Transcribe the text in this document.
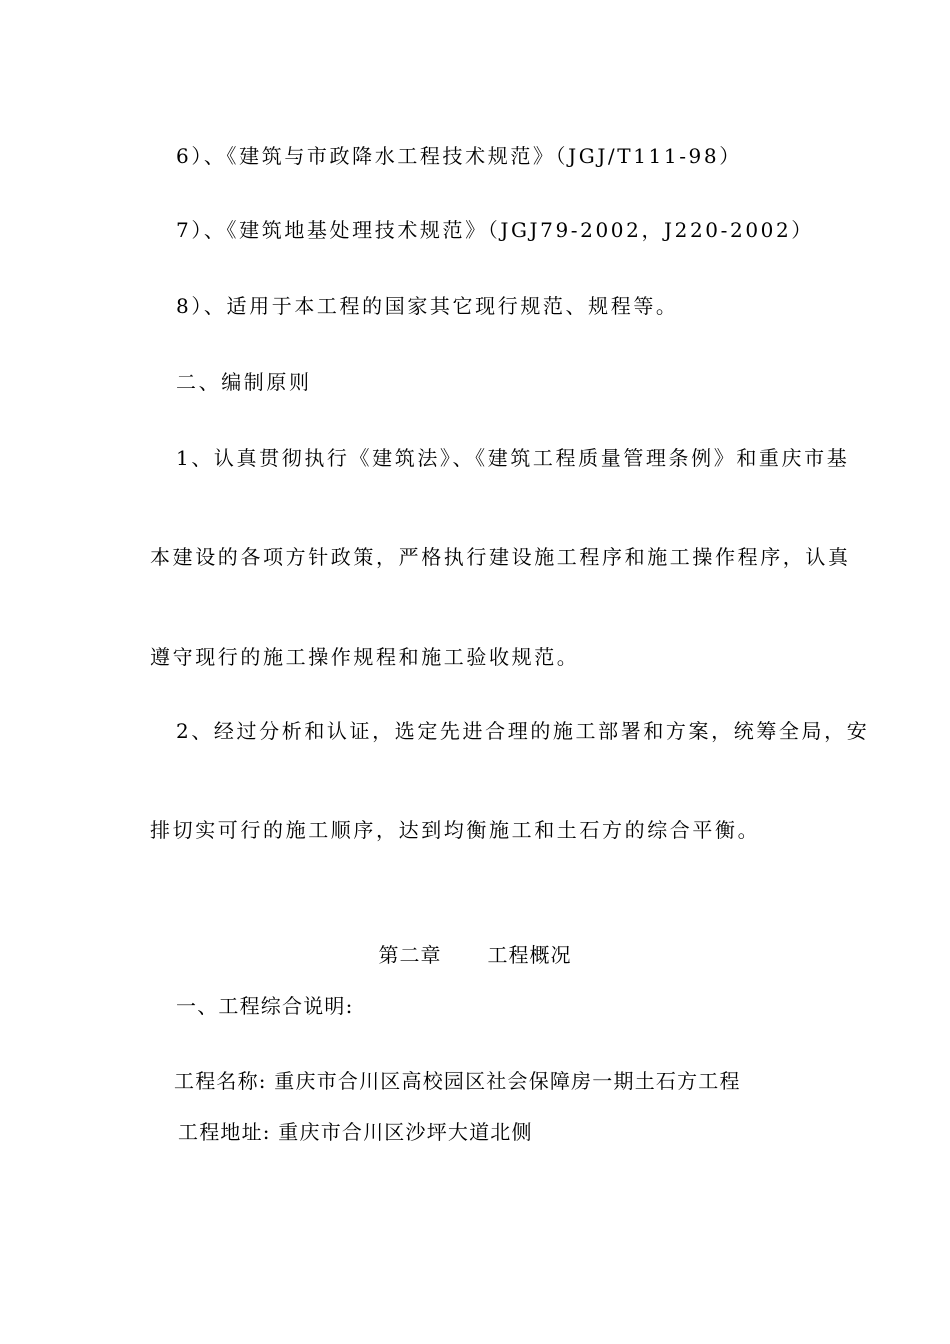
6）、《建筑与市政降水工程技术规范》（JGJ/T111-98）
7）、《建筑地基处理技术规范》（JGJ79-2002，J220-2002）
8）、适用于本工程的国家其它现行规范、规程等。
二、编制原则
1、认真贯彻执行《建筑法》、《建筑工程质量管理条例》和重庆市基
本建设的各项方针政策，严格执行建设施工程序和施工操作程序，认真
遵守现行的施工操作规程和施工验收规范。
2、经过分析和认证，选定先进合理的施工部署和方案，统筹全局，安
排切实可行的施工顺序，达到均衡施工和土石方的综合平衡。
第二章 工程概况
一、工程综合说明:
工程名称: 重庆市合川区高校园区社会保障房一期土石方工程
工程地址: 重庆市合川区沙坪大道北侧
